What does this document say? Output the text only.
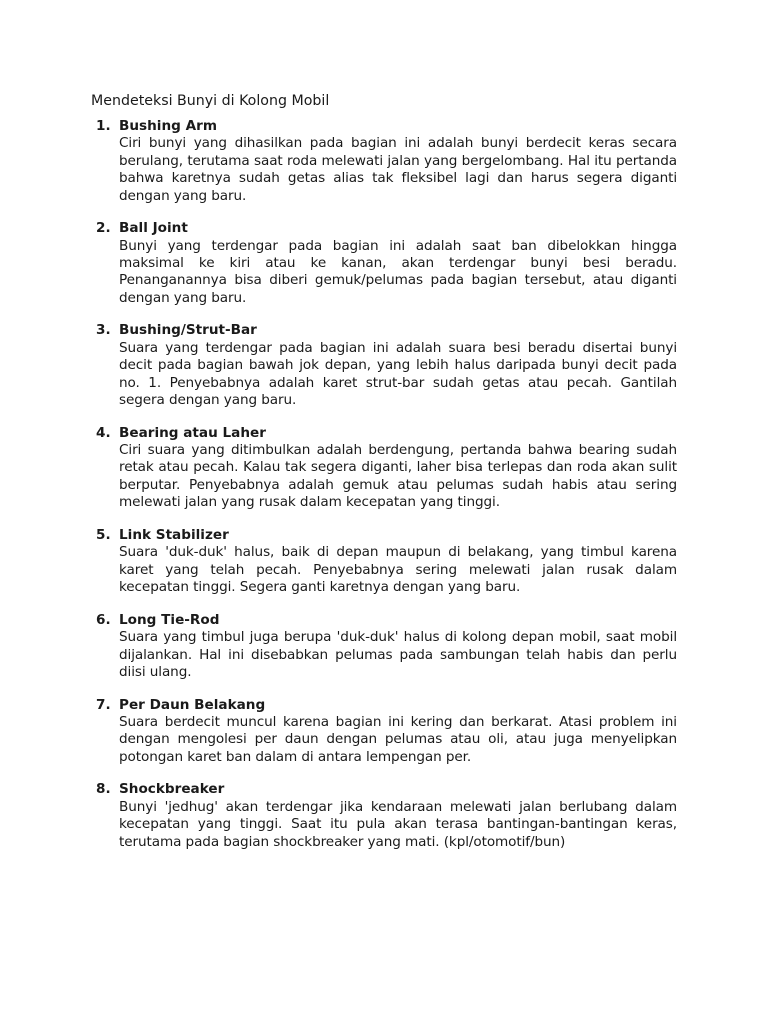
Mendeteksi Bunyi di Kolong Mobil
1. Bushing Arm
Ciri bunyi yang dihasilkan pada bagian ini adalah bunyi berdecit keras secara berulang, terutama saat roda melewati jalan yang bergelombang. Hal itu pertanda bahwa karetnya sudah getas alias tak fleksibel lagi dan harus segera diganti dengan yang baru.
2. Ball Joint
Bunyi yang terdengar pada bagian ini adalah saat ban dibelokkan hingga maksimal ke kiri atau ke kanan, akan terdengar bunyi besi beradu. Penanganannya bisa diberi gemuk/pelumas pada bagian tersebut, atau diganti dengan yang baru.
3. Bushing/Strut-Bar
Suara yang terdengar pada bagian ini adalah suara besi beradu disertai bunyi decit pada bagian bawah jok depan, yang lebih halus daripada bunyi decit pada no. 1. Penyebabnya adalah karet strut-bar sudah getas atau pecah. Gantilah segera dengan yang baru.
4. Bearing atau Laher
Ciri suara yang ditimbulkan adalah berdengung, pertanda bahwa bearing sudah retak atau pecah. Kalau tak segera diganti, laher bisa terlepas dan roda akan sulit berputar. Penyebabnya adalah gemuk atau pelumas sudah habis atau sering melewati jalan yang rusak dalam kecepatan yang tinggi.
5. Link Stabilizer
Suara 'duk-duk' halus, baik di depan maupun di belakang, yang timbul karena karet yang telah pecah. Penyebabnya sering melewati jalan rusak dalam kecepatan tinggi. Segera ganti karetnya dengan yang baru.
6. Long Tie-Rod
Suara yang timbul juga berupa 'duk-duk' halus di kolong depan mobil, saat mobil dijalankan. Hal ini disebabkan pelumas pada sambungan telah habis dan perlu diisi ulang.
7. Per Daun Belakang
Suara berdecit muncul karena bagian ini kering dan berkarat. Atasi problem ini dengan mengolesi per daun dengan pelumas atau oli, atau juga menyelipkan potongan karet ban dalam di antara lempengan per.
8. Shockbreaker
Bunyi 'jedhug' akan terdengar jika kendaraan melewati jalan berlubang dalam kecepatan yang tinggi. Saat itu pula akan terasa bantingan-bantingan keras, terutama pada bagian shockbreaker yang mati. (kpl/otomotif/bun)
